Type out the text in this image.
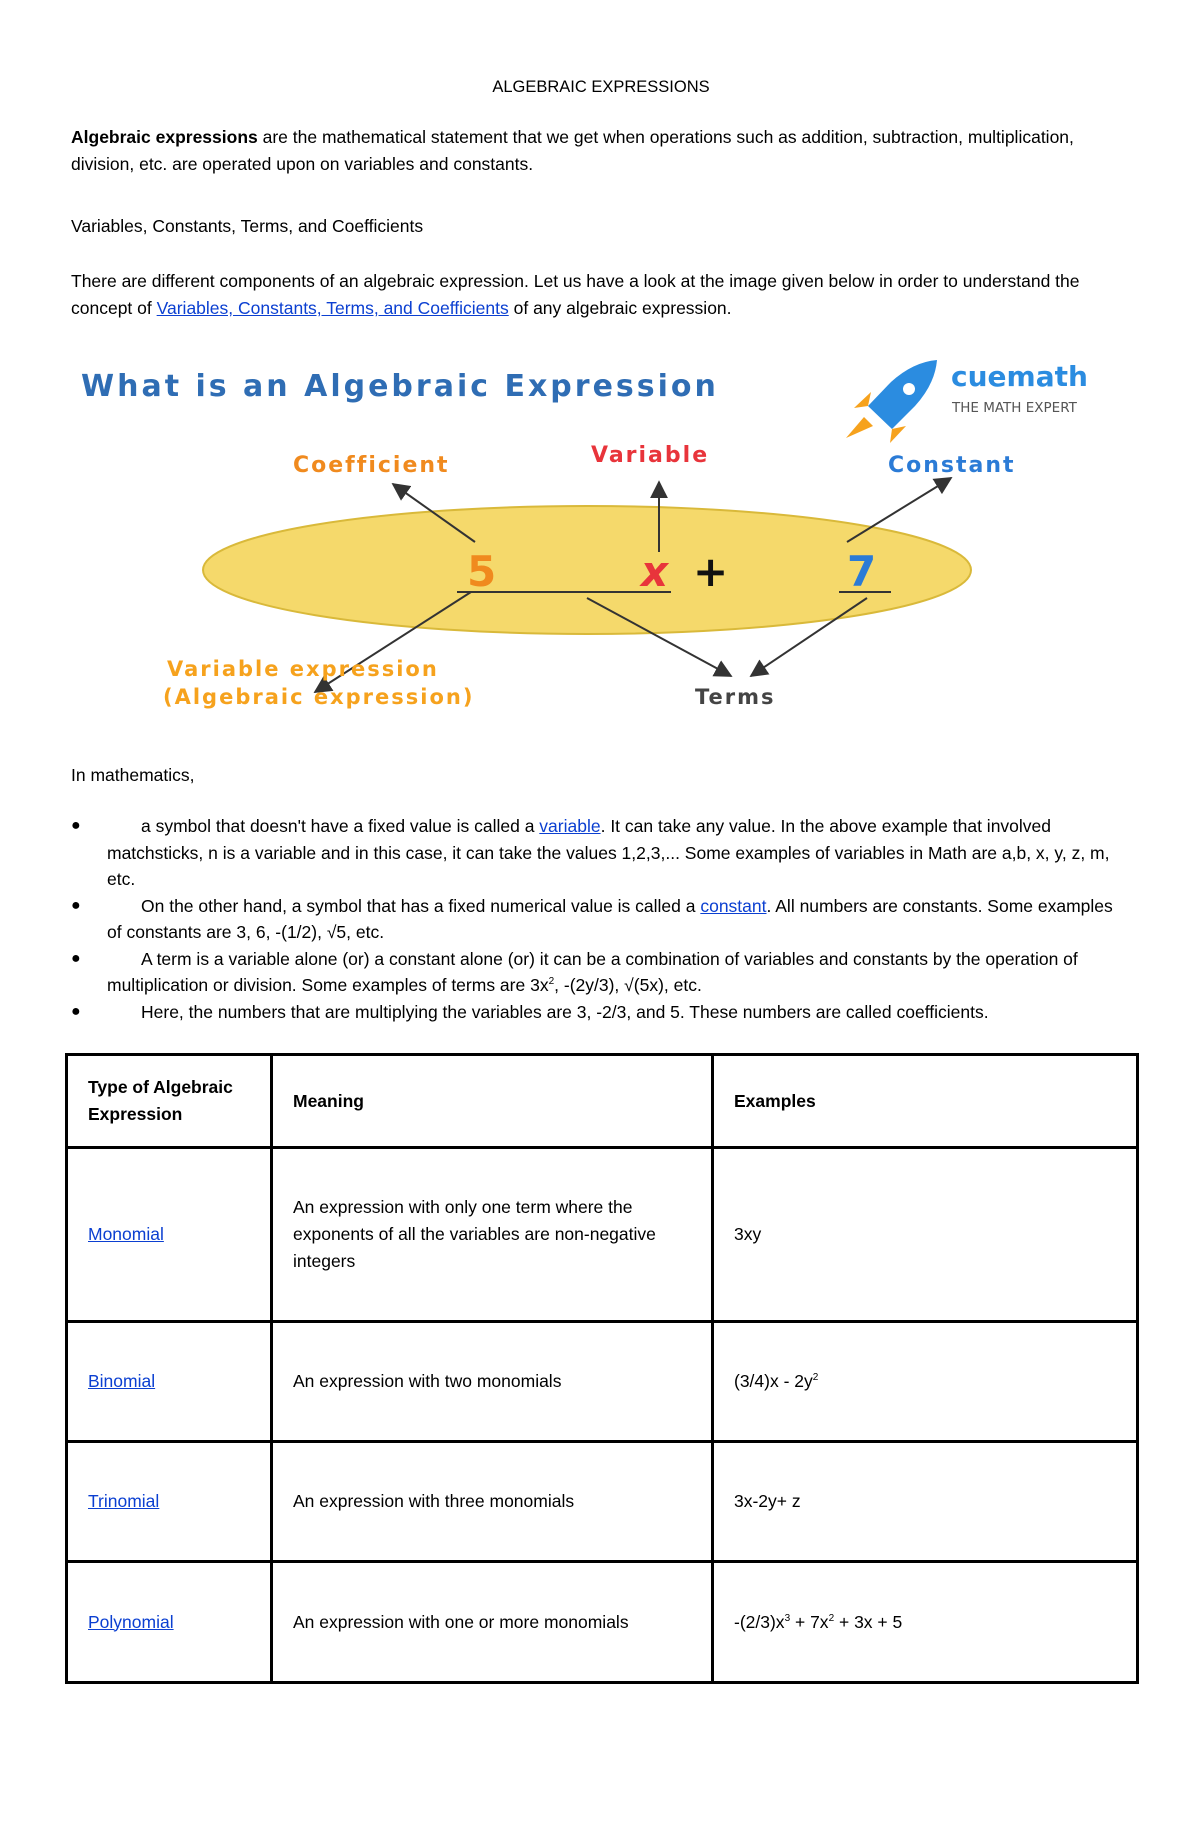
ALGEBRAIC EXPRESSIONS
Algebraic expressions are the mathematical statement that we get when operations such as addition, subtraction, multiplication, division, etc. are operated upon on variables and constants.
Variables, Constants, Terms, and Coefficients
There are different components of an algebraic expression. Let us have a look at the image given below in order to understand the concept of Variables, Constants, Terms, and Coefficients of any algebraic expression.
What is an Algebraic Expression	cuemath
THE MATH EXPERT
Coefficient	Variable	Constant
5	x +	7
Variable expression
(Algebraic expression)	Terms
In mathematics,
●	a symbol that doesn't have a fixed value is called a variable. It can take any value. In the above example that involved matchsticks, n is a variable and in this case, it can take the values 1,2,3,... Some examples of variables in Math are a,b, x, y, z, m, etc.
●	On the other hand, a symbol that has a fixed numerical value is called a constant. All numbers are constants. Some examples of constants are 3, 6, -(1/2), √5, etc.
●	A term is a variable alone (or) a constant alone (or) it can be a combination of variables and constants by the operation of multiplication or division. Some examples of terms are $3x^2$, -(2y/3), √(5x), etc.
●	Here, the numbers that are multiplying the variables are 3, -2/3, and 5. These numbers are called coefficients.
Type of Algebraic Expression	Meaning	Examples
Monomial	An expression with only one term where the exponents of all the variables are non-negative integers	3xy
Binomial	An expression with two monomials	$(3/4)x - 2y^2$
Trinomial	An expression with three monomials	3x-2y+ z
Polynomial	An expression with one or more monomials	$-(2/3)x^3 + 7x^2 + 3x + 5$
